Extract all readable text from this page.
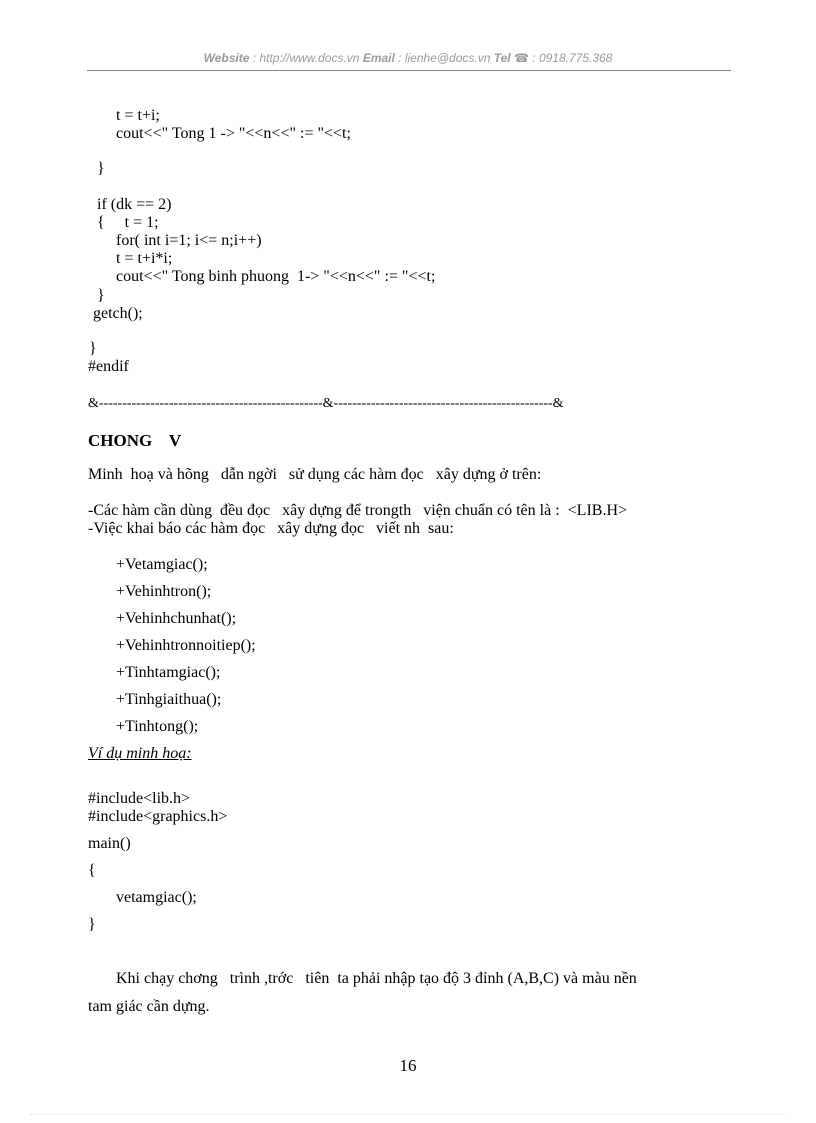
Website : http://www.docs.vn Email : lienhe@docs.vn Tel ☎ : 0918.775.368
t = t+i;
cout<<" Tong 1 -> "<<n<<" := "<<t;
}
if (dk == 2)
{     t = 1;
for( int i=1; i<= n;i++)
t = t+i*i;
cout<<" Tong binh phuong  1-> "<<n<<" := "<<t;
}
getch();
}
#endif
&------------------------------------------------&-----------------------------------------------&
CHONG    V
Minh  hoạ và hõng   dẫn ngời   sử dụng các hàm đọc   xây dựng ở trên:
-Các hàm cần dùng  đều đọc   xây dựng để trongth   viện chuẩn có tên là :  <LIB.H>
-Việc khai báo các hàm đọc   xây dựng đọc   viết nh  sau:
+Vetamgiac();
+Vehinhtron();
+Vehinhchunhat();
+Vehinhtronnoitiep();
+Tinhtamgiac();
+Tinhgiaithua();
+Tinhtong();
Ví dụ minh hoạ:
#include<lib.h>
#include<graphics.h>
main()
{
vetamgiac();
}
Khi chạy chơng   trình ,trớc   tiên  ta phải nhập tạo độ 3 đỉnh (A,B,C) và màu nền
tam giác cần dựng.
16
